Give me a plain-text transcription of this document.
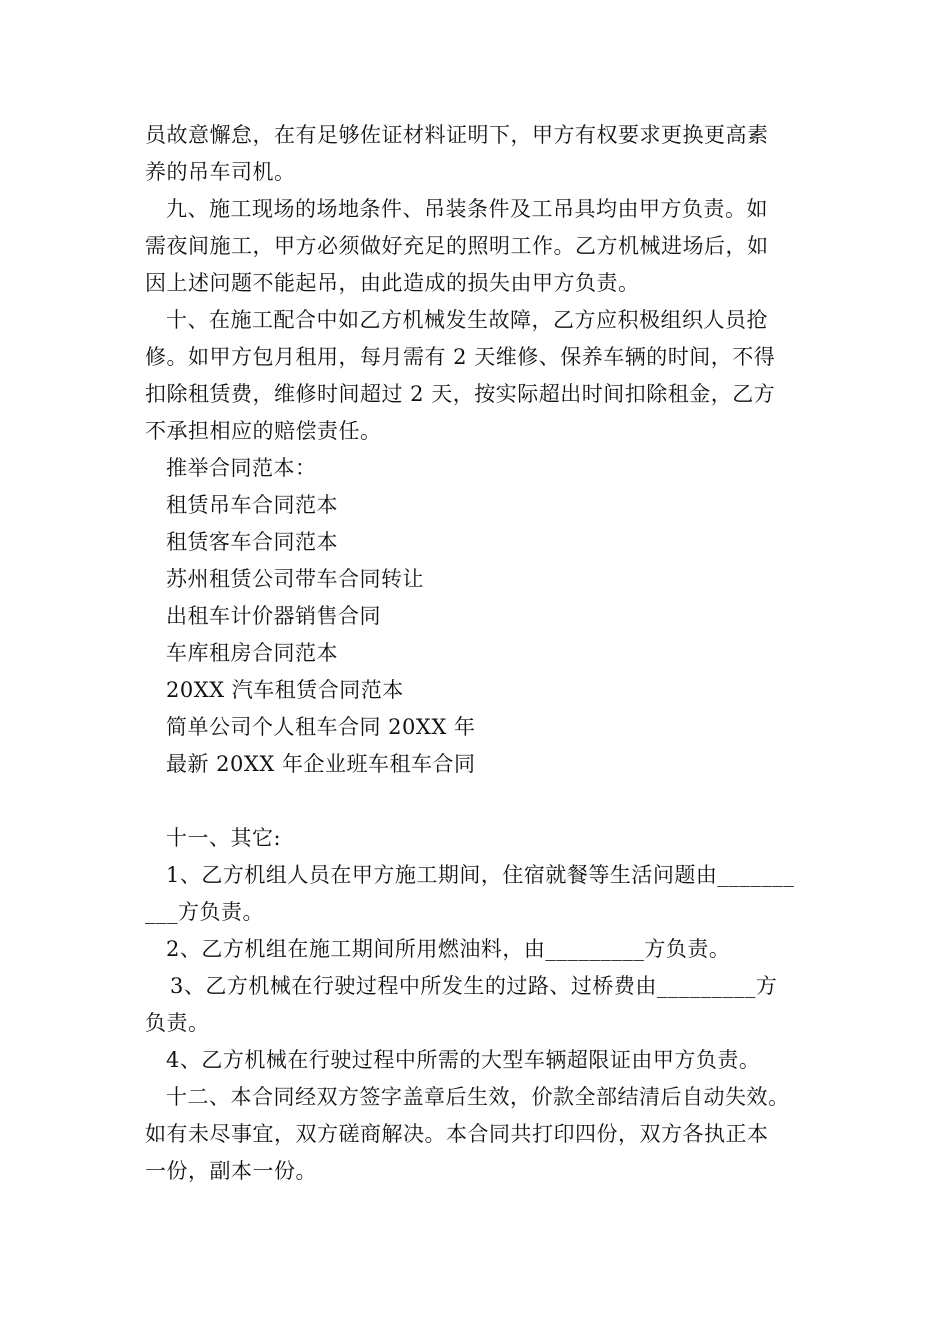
员故意懈怠，在有足够佐证材料证明下，甲方有权要求更换更高素
养的吊车司机。
九、施工现场的场地条件、吊装条件及工吊具均由甲方负责。如
需夜间施工，甲方必须做好充足的照明工作。乙方机械进场后，如
因上述问题不能起吊，由此造成的损失由甲方负责。
十、在施工配合中如乙方机械发生故障，乙方应积极组织人员抢
修。如甲方包月租用，每月需有 2 天维修、保养车辆的时间，不得
扣除租赁费，维修时间超过 2 天，按实际超出时间扣除租金，乙方
不承担相应的赔偿责任。
推举合同范本：
租赁吊车合同范本
租赁客车合同范本
苏州租赁公司带车合同转让
出租车计价器销售合同
车库租房合同范本
20XX 汽车租赁合同范本
简单公司个人租车合同 20XX 年
最新 20XX 年企业班车租车合同
十一、其它:
1、乙方机组人员在甲方施工期间，住宿就餐等生活问题由_______
___方负责。
2、乙方机组在施工期间所用燃油料，由_________方负责。
3、乙方机械在行驶过程中所发生的过路、过桥费由_________方
负责。
4、乙方机械在行驶过程中所需的大型车辆超限证由甲方负责。
十二、本合同经双方签字盖章后生效，价款全部结清后自动失效。
如有未尽事宜，双方磋商解决。本合同共打印四份，双方各执正本
一份，副本一份。
